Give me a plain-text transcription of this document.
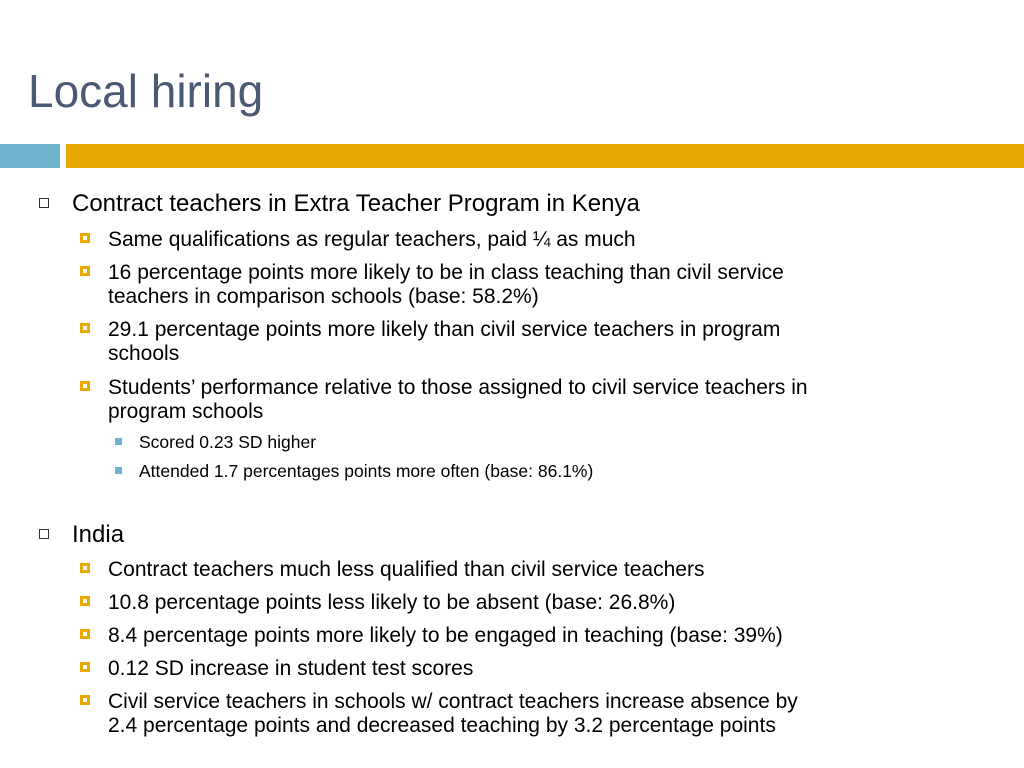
Local hiring
Contract teachers in Extra Teacher Program in Kenya
Same qualifications as regular teachers, paid ¼ as much
16 percentage points more likely to be in class teaching than civil service
teachers in comparison schools (base: 58.2%)
29.1 percentage points more likely than civil service teachers in program
schools
Students’ performance relative to those assigned to civil service teachers in
program schools
Scored 0.23 SD higher
Attended 1.7 percentages points more often (base: 86.1%)
India
Contract teachers much less qualified than civil service teachers
10.8 percentage points less likely to be absent (base: 26.8%)
8.4 percentage points more likely to be engaged in teaching (base: 39%)
0.12 SD increase in student test scores
Civil service teachers in schools w/ contract teachers increase absence by
2.4 percentage points and decreased teaching by 3.2 percentage points
